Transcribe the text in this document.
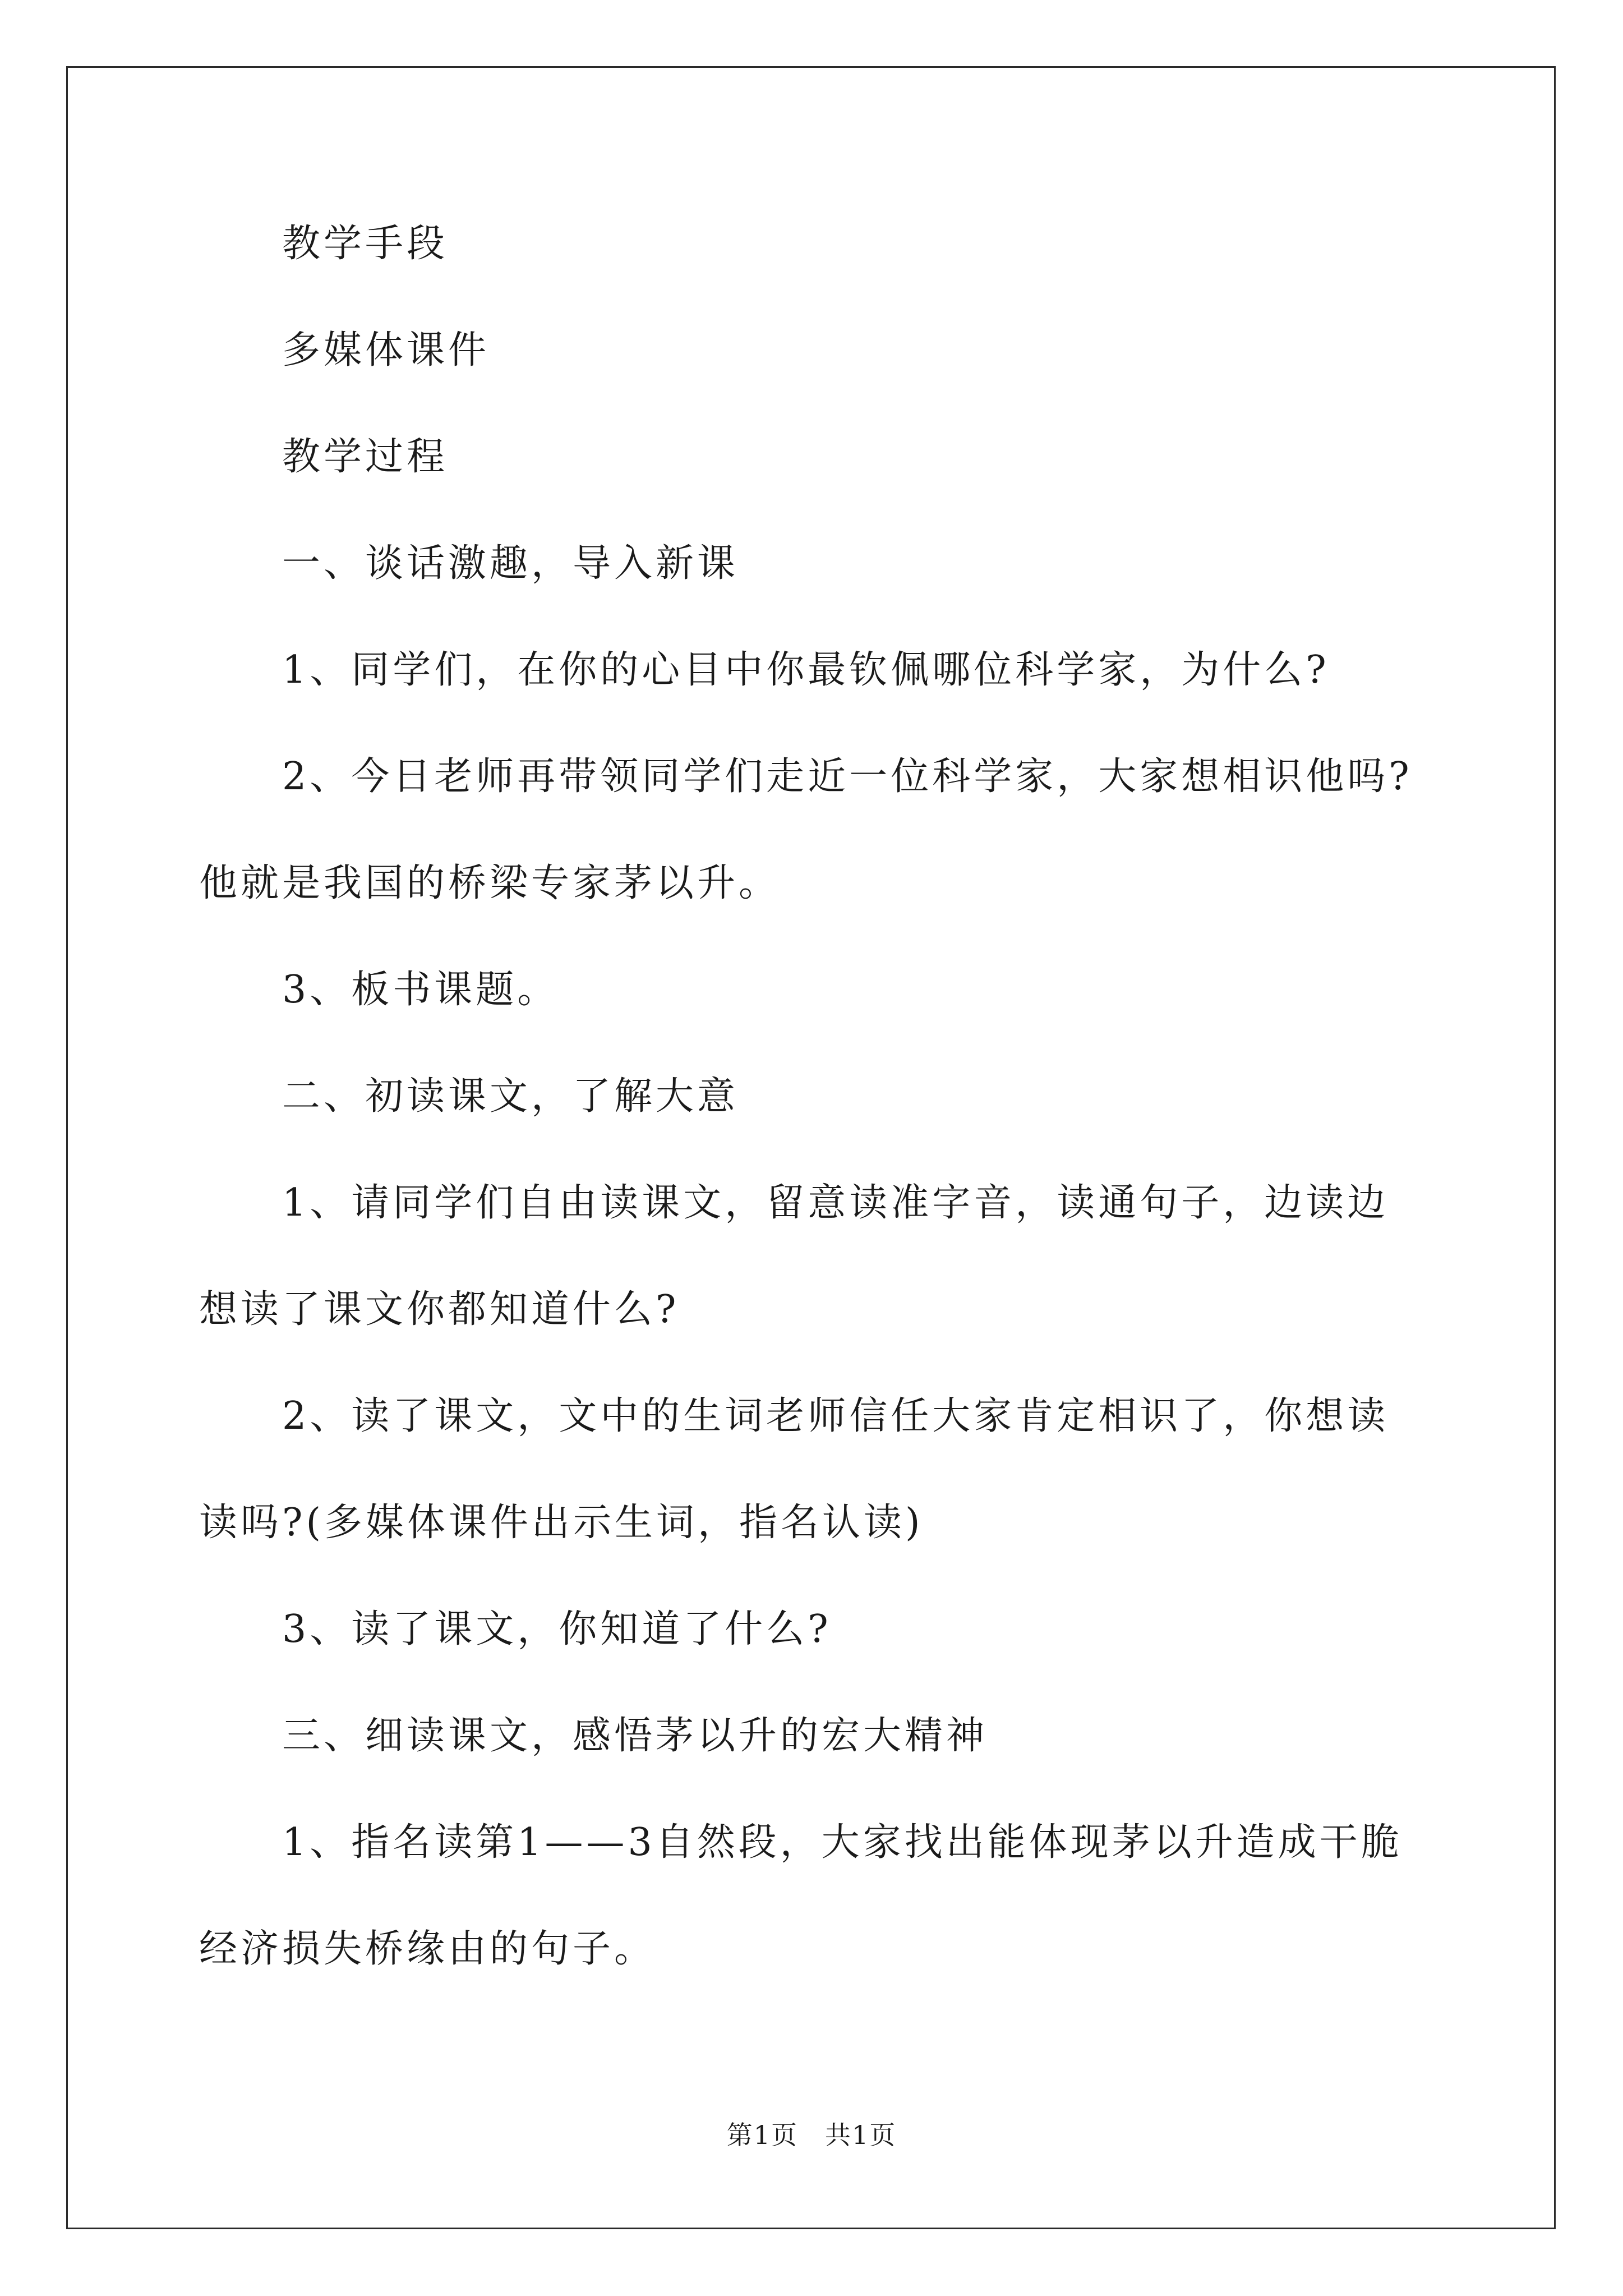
教学手段

多媒体课件

教学过程

一、谈话激趣，导入新课

1、同学们，在你的心目中你最钦佩哪位科学家，为什么?

2、今日老师再带领同学们走近一位科学家，大家想相识他吗?他就是我国的桥梁专家茅以升。

3、板书课题。

二、初读课文，了解大意

1、请同学们自由读课文，留意读准字音，读通句子，边读边想读了课文你都知道什么?

2、读了课文，文中的生词老师信任大家肯定相识了，你想读读吗?(多媒体课件出示生词，指名认读)

3、读了课文，你知道了什么?

三、细读课文，感悟茅以升的宏大精神

1、指名读第1——3自然段，大家找出能体现茅以升造成干脆经济损失桥缘由的句子。

第1页　共1页
